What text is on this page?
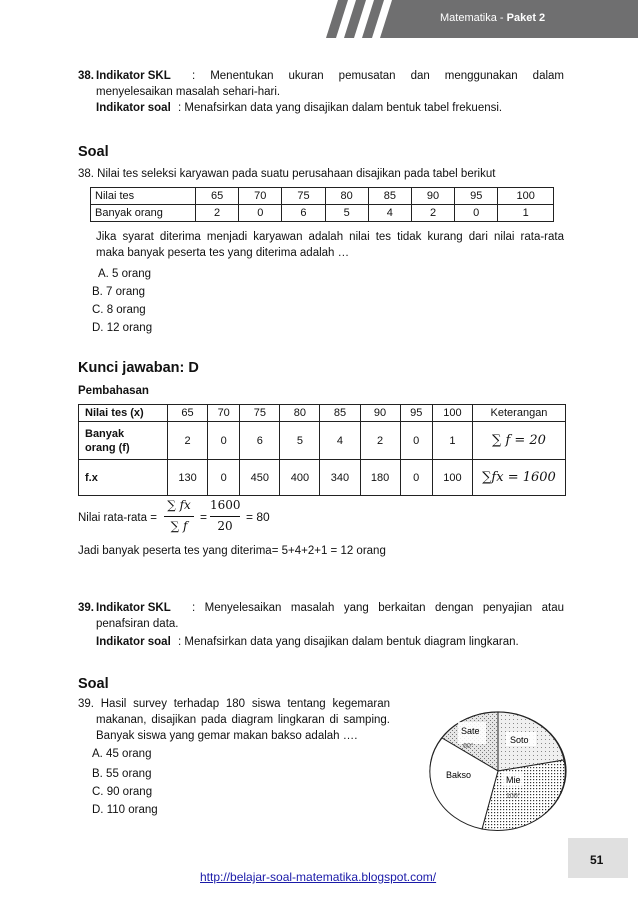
Matematika - Paket 2
38. Indikator SKL : Menentukan ukuran pemusatan dan menggunakan dalam
menyelesaikan masalah sehari-hari.
Indikator soal : Menafsirkan data yang disajikan dalam bentuk tabel frekuensi.
Soal
38. Nilai tes seleksi karyawan pada suatu perusahaan disajikan pada tabel berikut
Nilai tes	65	70	75	80	85	90	95	100
Banyak orang	2	0	6	5	4	2	0	1
Jika syarat diterima menjadi karyawan adalah nilai tes tidak kurang dari nilai rata-rata
maka banyak peserta tes yang diterima adalah …
A. 5 orang
B. 7 orang
C. 8 orang
D. 12 orang
Kunci jawaban: D
Pembahasan
Nilai tes (x)	65	70	75	80	85	90	95	100	Keterangan
Banyak
orang (f)	2	0	6	5	4	2	0	1	∑ f = 20
f.x	130	0	450	400	340	180	0	100	∑fx = 1600
Nilai rata-rata =
∑ fx
∑ f
=
1600
20
= 80
Jadi banyak peserta tes yang diterima= 5+4+2+1 = 12 orang
39. Indikator SKL : Menyelesaikan masalah yang berkaitan dengan penyajian atau
penafsiran data.
Indikator soal : Menafsirkan data yang disajikan dalam bentuk diagram lingkaran.
Soal
39. Hasil survey terhadap 180 siswa tentang kegemaran
makanan, disajikan pada diagram lingkaran di samping.
Banyak siswa yang gemar makan bakso adalah ….
A. 45 orang
B. 55 orang
C. 90 orang
D. 110 orang
Sate
60°
Soto
Bakso	Mie
100°
51
http://belajar-soal-matematika.blogspot.com/
